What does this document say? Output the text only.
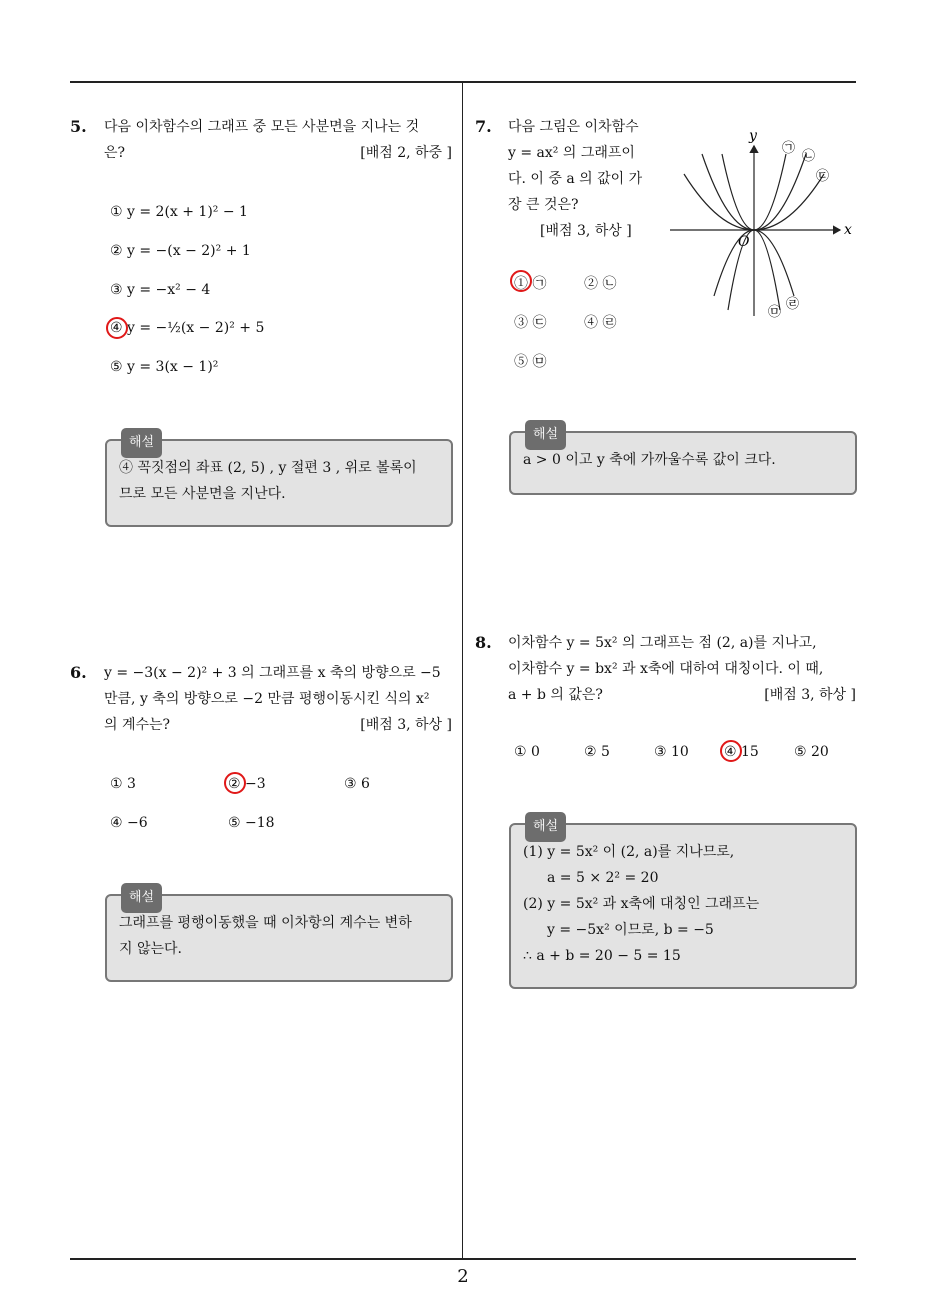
5. 다음 이차함수의 그래프 중 모든 사분면을 지나는 것
은?	[배점 2, 하중 ]
① y = 2(x + 1)² − 1
② y = −(x − 2)² + 1
③ y = −x² − 4
④ y = −½(x − 2)² + 5
⑤ y = 3(x − 1)²
해설
④ 꼭짓점의 좌표 (2, 5) , y 절편 3 , 위로 볼록이
므로 모든 사분면을 지난다.
6. y = −3(x − 2)² + 3 의 그래프를 x 축의 방향으로 −5
만큼, y 축의 방향으로 −2 만큼 평행이동시킨 식의 x²
의 계수는?	[배점 3, 하상 ]
① 3	② −3	③ 6
④ −6	⑤ −18
해설
그래프를 평행이동했을 때 이차항의 계수는 변하
지 않는다.
7. 다음 그림은 이차함수
y = ax² 의 그래프이
다. 이 중 a 의 값이 가
장 큰 것은?
[배점 3, 하상 ]
y
x
O
㉠
㉡
㉢
㉣
㉤
① ㉠	② ㉡
③ ㉢	④ ㉣
⑤ ㉤
해설
a > 0 이고 y 축에 가까울수록 값이 크다.
8. 이차함수 y = 5x² 의 그래프는 점 (2, a)를 지나고,
이차함수 y = bx² 과 x축에 대하여 대칭이다. 이 때,
a + b 의 값은?	[배점 3, 하상 ]
① 0	② 5	③ 10	④ 15	⑤ 20
해설
(1) y = 5x² 이 (2, a)를 지나므로,
a = 5 × 2² = 20
(2) y = 5x² 과 x축에 대칭인 그래프는
y = −5x² 이므로, b = −5
∴ a + b = 20 − 5 = 15
2
